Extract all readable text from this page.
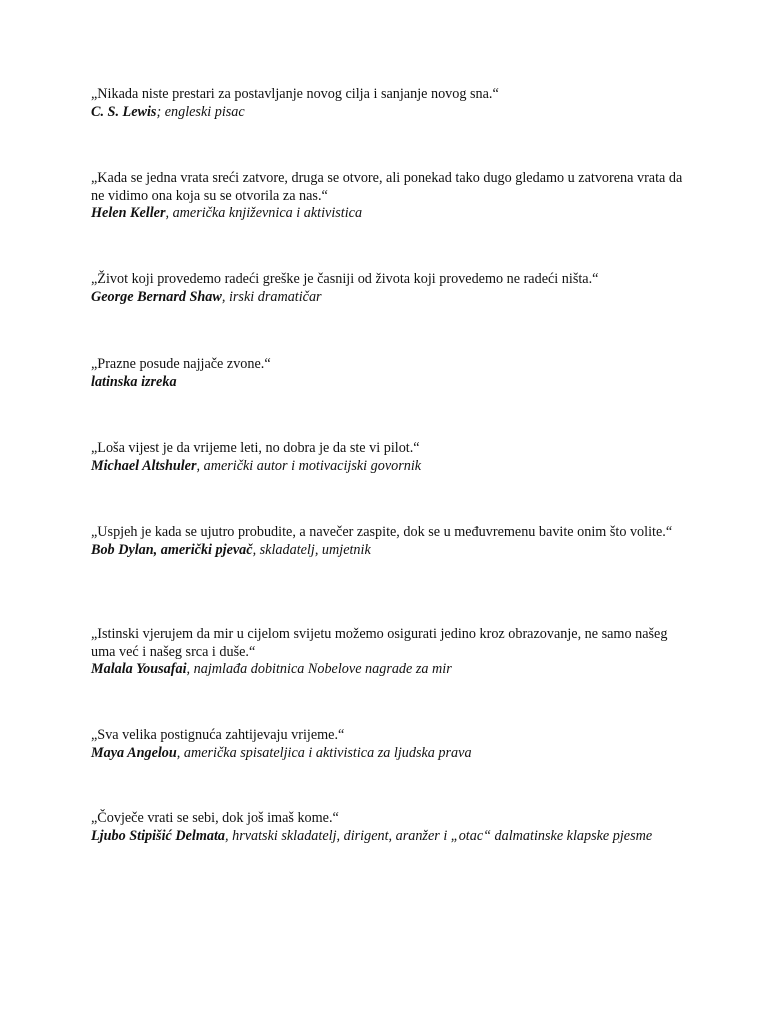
„Nikada niste prestari za postavljanje novog cilja i sanjanje novog sna.“
C. S. Lewis; engleski pisac
„Kada se jedna vrata sreći zatvore, druga se otvore, ali ponekad tako dugo gledamo u zatvorena vrata da ne vidimo ona koja su se otvorila za nas.“
Helen Keller, američka književnica i aktivistica
„Život koji provedemo radeći greške je časniji od života koji provedemo ne radeći ništa.“
George Bernard Shaw, irski dramatičar
„Prazne posude najjače zvone.“
latinska izreka
„Loša vijest je da vrijeme leti, no dobra je da ste vi pilot.“
Michael Altshuler, američki autor i motivacijski govornik
„Uspjeh je kada se ujutro probudite, a navečer zaspite, dok se u međuvremenu bavite onim što volite.“
Bob Dylan, američki pjevač, skladatelj, umjetnik
„Istinski vjerujem da mir u cijelom svijetu možemo osigurati jedino kroz obrazovanje, ne samo našeg uma već i našeg srca i duše.“
Malala Yousafai, najmlađa dobitnica Nobelove nagrade za mir
„Sva velika postignuća zahtijevaju vrijeme.“
Maya Angelou, američka spisateljica i aktivistica za ljudska prava
„Čovječe vrati se sebi, dok još imaš kome.“
Ljubo Stipišić Delmata, hrvatski skladatelj, dirigent, aranžer i „otac“ dalmatinske klapske pjesme
